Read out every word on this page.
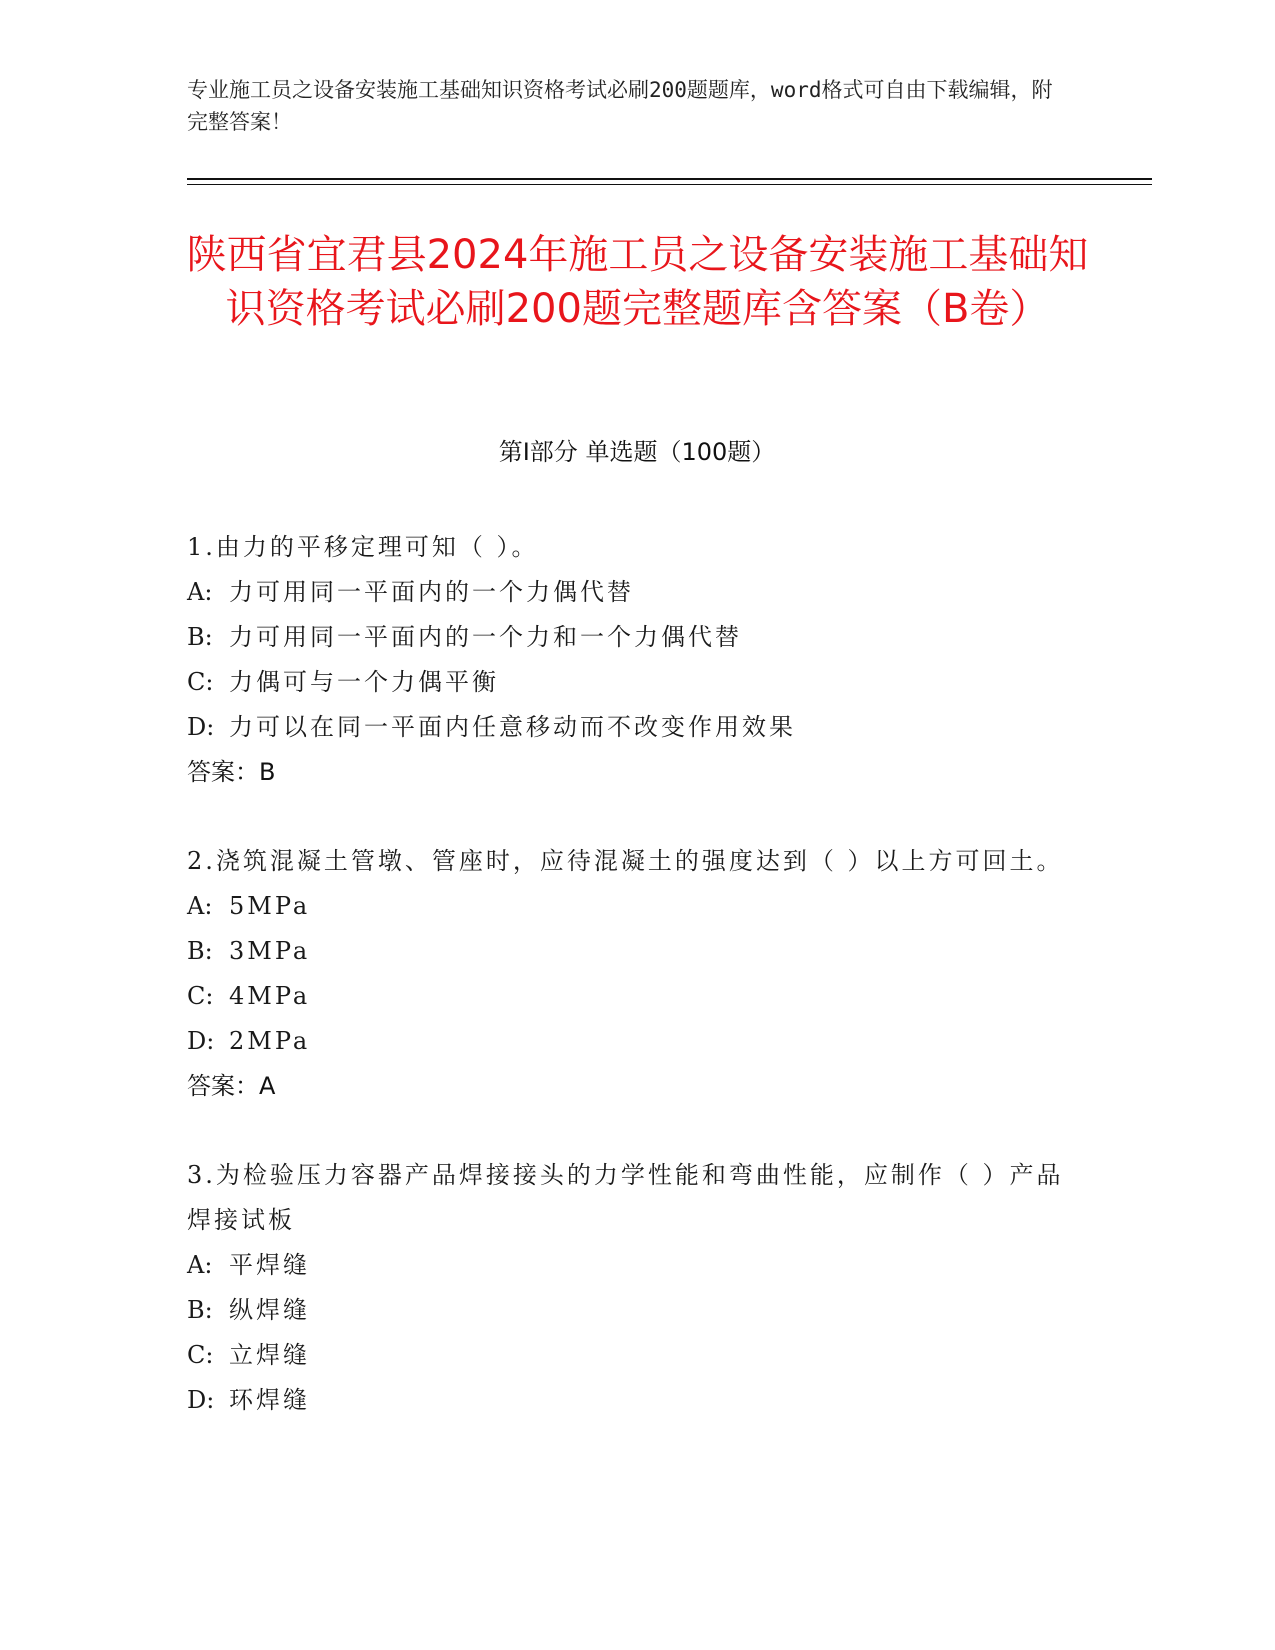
专业施工员之设备安装施工基础知识资格考试必刷200题题库，word格式可自由下载编辑，附完整答案！
陕西省宜君县2024年施工员之设备安装施工基础知识资格考试必刷200题完整题库含答案（B卷）
第I部分 单选题（100题）

1.由力的平移定理可知（ ）。

A: 力可用同一平面内的一个力偶代替

B: 力可用同一平面内的一个力和一个力偶代替

C: 力偶可与一个力偶平衡

D: 力可以在同一平面内任意移动而不改变作用效果

答案：B

2.浇筑混凝土管墩、管座时，应待混凝土的强度达到（ ）以上方可回土。

A: 5MPa

B: 3MPa

C: 4MPa

D: 2MPa

答案：A

3.为检验压力容器产品焊接接头的力学性能和弯曲性能，应制作（ ）产品焊接试板

A: 平焊缝

B: 纵焊缝

C: 立焊缝

D: 环焊缝
